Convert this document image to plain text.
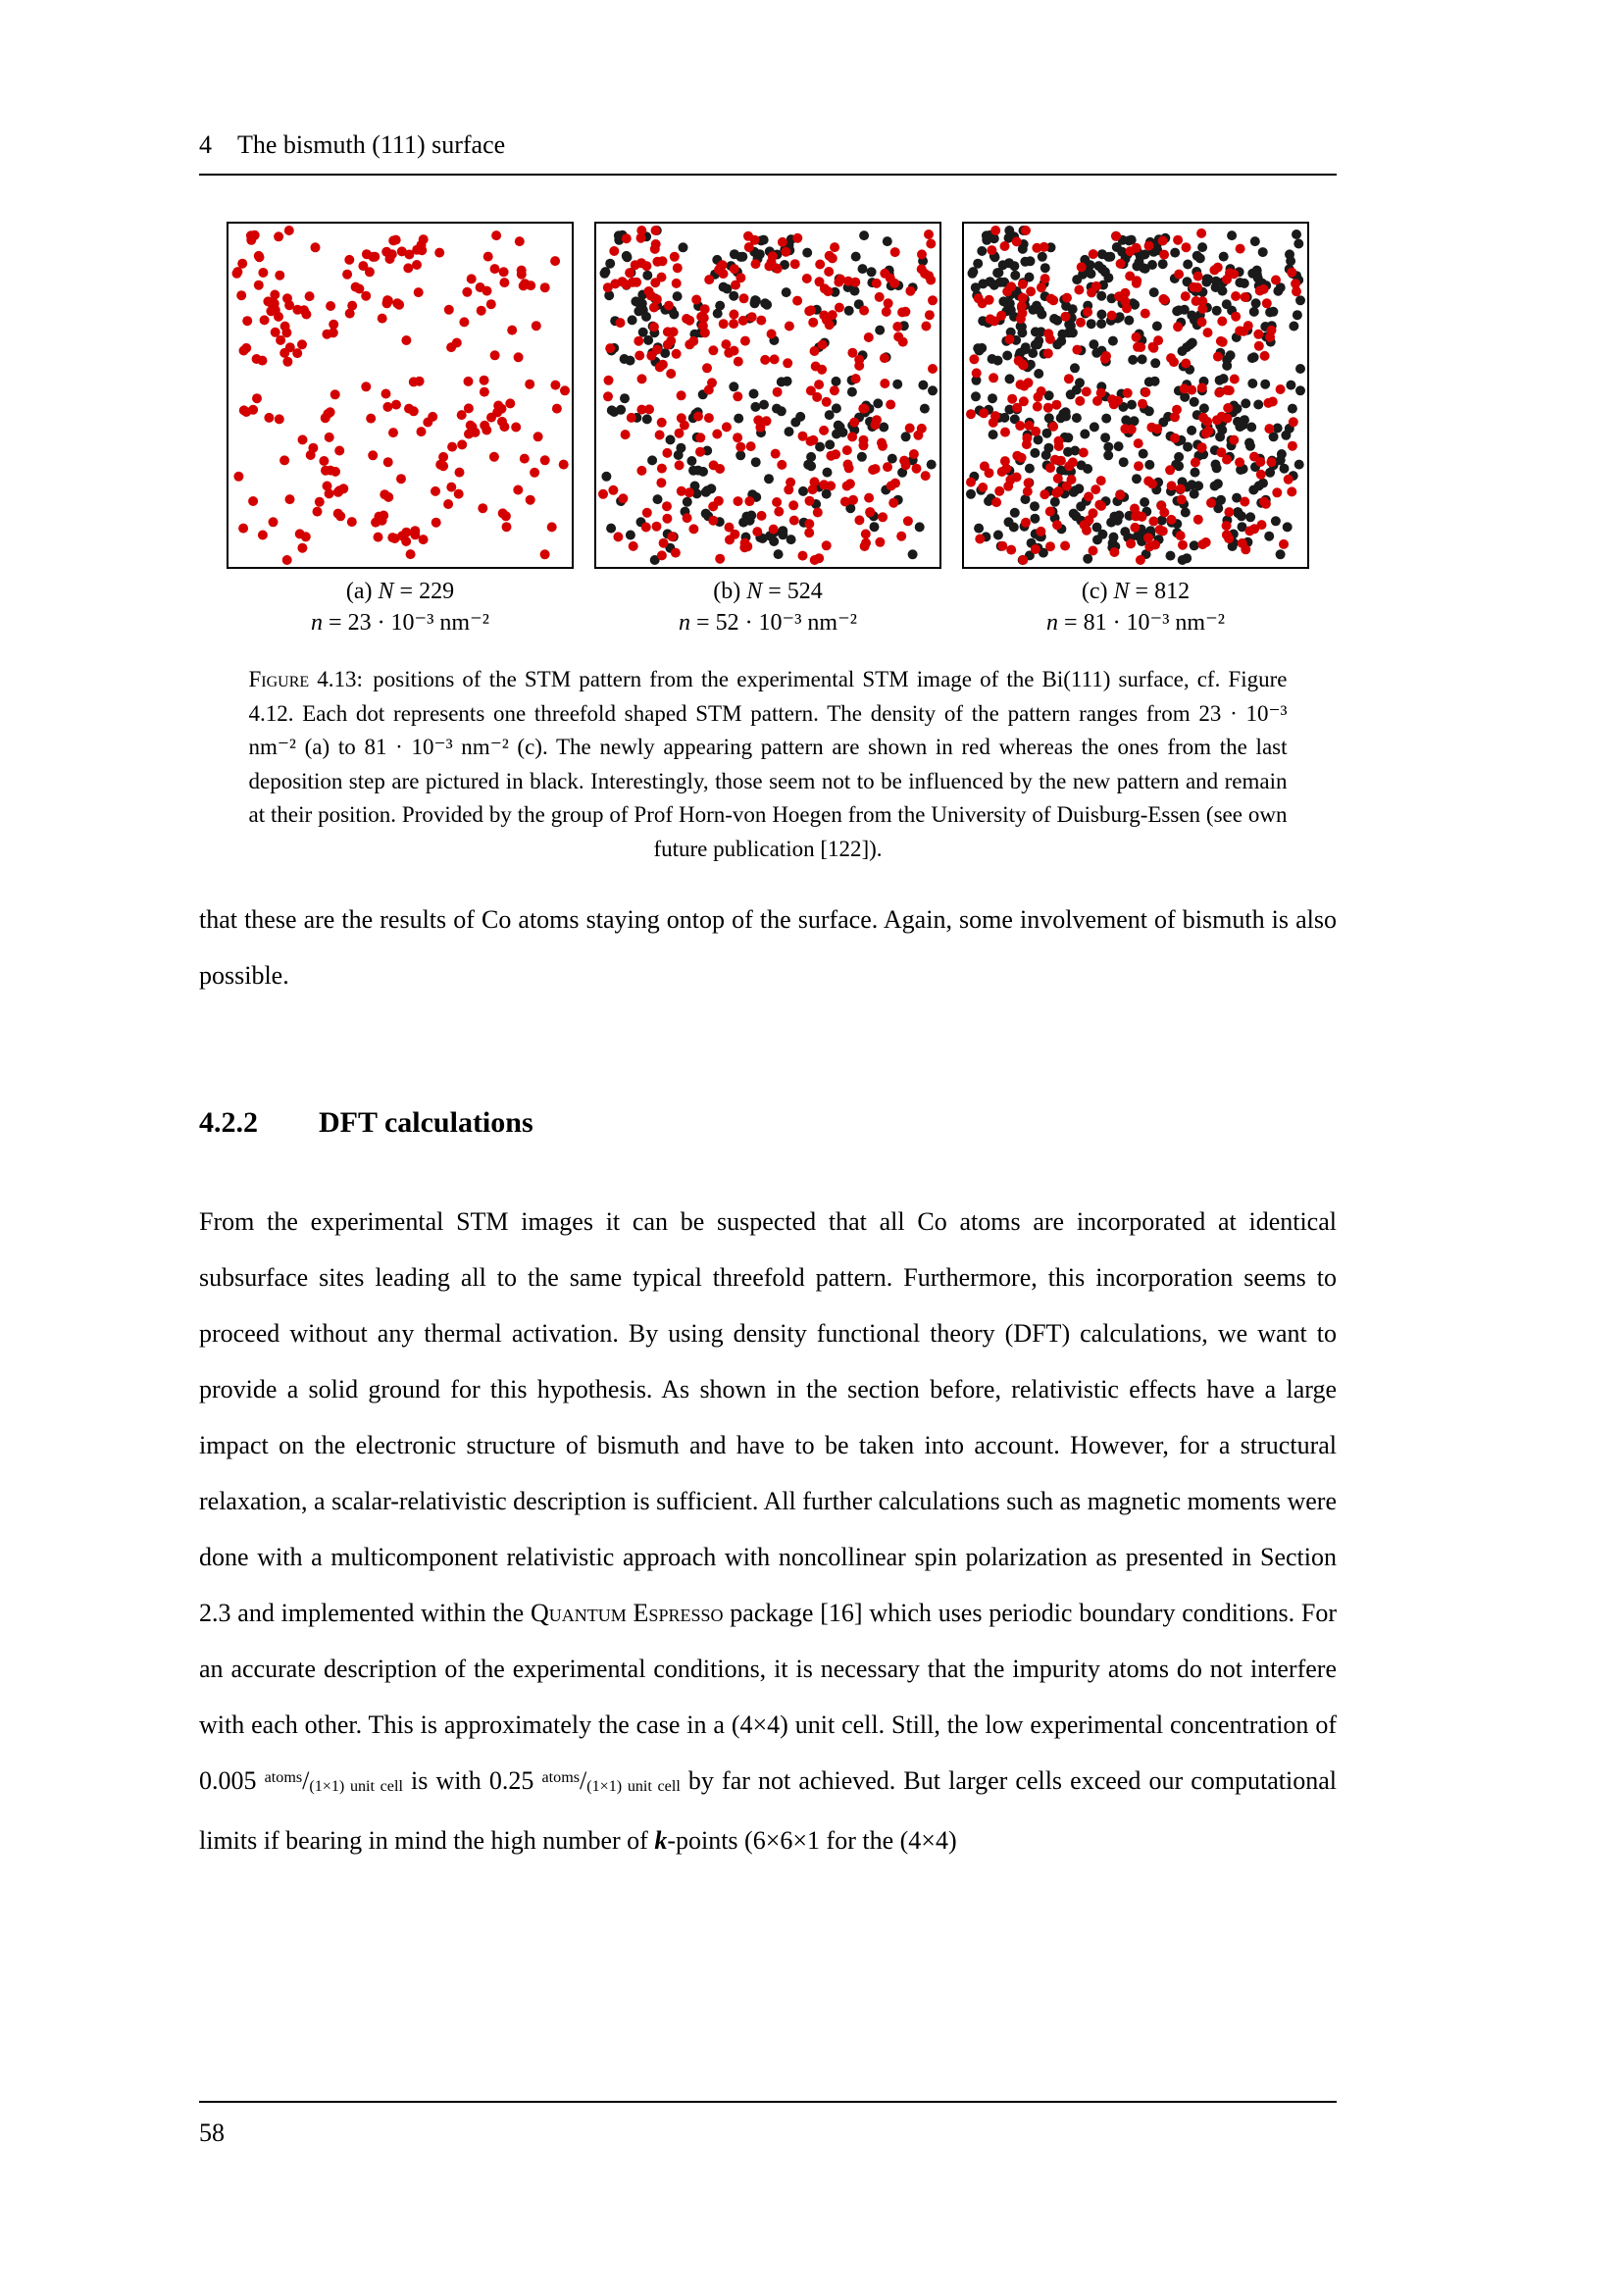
4 The bismuth (111) surface
(a) N = 229
n = 23 · 10⁻³ nm⁻²
(b) N = 524
n = 52 · 10⁻³ nm⁻²
(c) N = 812
n = 81 · 10⁻³ nm⁻²
Figure 4.13: positions of the STM pattern from the experimental STM image of the Bi(111) surface, cf. Figure 4.12. Each dot represents one threefold shaped STM pattern. The density of the pattern ranges from 23 · 10⁻³ nm⁻² (a) to 81 · 10⁻³ nm⁻² (c). The newly appearing pattern are shown in red whereas the ones from the last deposition step are pictured in black. Interestingly, those seem not to be influenced by the new pattern and remain at their position. Provided by the group of Prof Horn-von Hoegen from the University of Duisburg-Essen (see own future publication [122]).

that these are the results of Co atoms staying ontop of the surface. Again, some involvement of bismuth is also possible.

4.2.2 DFT calculations

From the experimental STM images it can be suspected that all Co atoms are incorporated at identical subsurface sites leading all to the same typical threefold pattern. Furthermore, this incorporation seems to proceed without any thermal activation. By using density functional theory (DFT) calculations, we want to provide a solid ground for this hypothesis. As shown in the section before, relativistic effects have a large impact on the electronic structure of bismuth and have to be taken into account. However, for a structural relaxation, a scalar-relativistic description is sufficient. All further calculations such as magnetic moments were done with a multicomponent relativistic approach with noncollinear spin polarization as presented in Section 2.3 and implemented within the Quantum Espresso package [16] which uses periodic boundary conditions. For an accurate description of the experimental conditions, it is necessary that the impurity atoms do not interfere with each other. This is approximately the case in a (4×4) unit cell. Still, the low experimental concentration of 0.005 $^{atoms}$/(1×1) unit cell is with 0.25 $^{atoms}$/(1×1) unit cell by far not achieved. But larger cells exceed our computational limits if bearing in mind the high number of k-points (6×6×1 for the (4×4)

58
